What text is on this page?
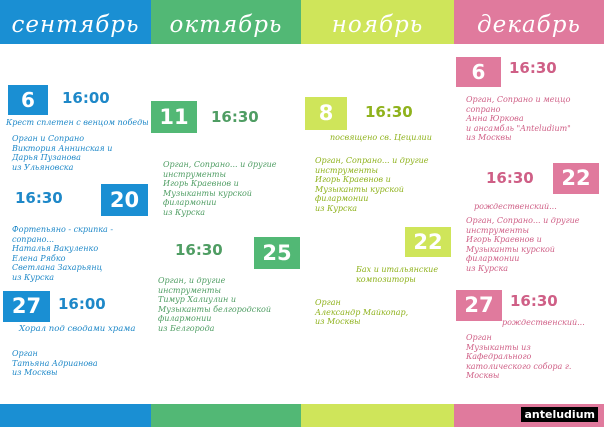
сентябрь	октябрь	ноябрь	декабрь
6	16:00
Крест сплетен с венцом победы
Орган и Сопрано
Виктория Аннинская и
Дарья Пузанова
из Ульяновска
16:30	20
Фортепьяно - скрипка -
сопрано...
Наталья Вакуленко
Елена Рябко
Светлана Захарьянц
из Курска
27	16:00
Хорал под сводами храма
Орган
Татьяна Адрианова
из Москвы
11	16:30
Орган, Сопрано... и другие
инструменты
Игорь Краевнов и
Музыканты курской
филармонии
из Курска
16:30	25
Орган, и другие
инструменты
Тимур Халиулин и
Музыканты белгородской
филармонии
из Белгорода
8	16:30
посвящено св. Цецилии
Орган, Сопрано... и другие
инструменты
Игорь Краевнов и
Музыканты курской
филармонии
из Курска
22
Бах и итальянские
композиторы
Орган
Александр Майкопар,
из Москвы
6	16:30
Орган, Сопрано и меццо
сопрано
Анна Юркова
и ансамбль "Anteludium"
из Москвы
16:30	22
рождественский...
Орган, Сопрано... и другие
инструменты
Игорь Краевнов и
Музыканты курской
филармонии
из Курска
27	16:30
рождественский...
Орган
Музыканты из
Кафедрального
католического собора г.
Москвы
anteludium
